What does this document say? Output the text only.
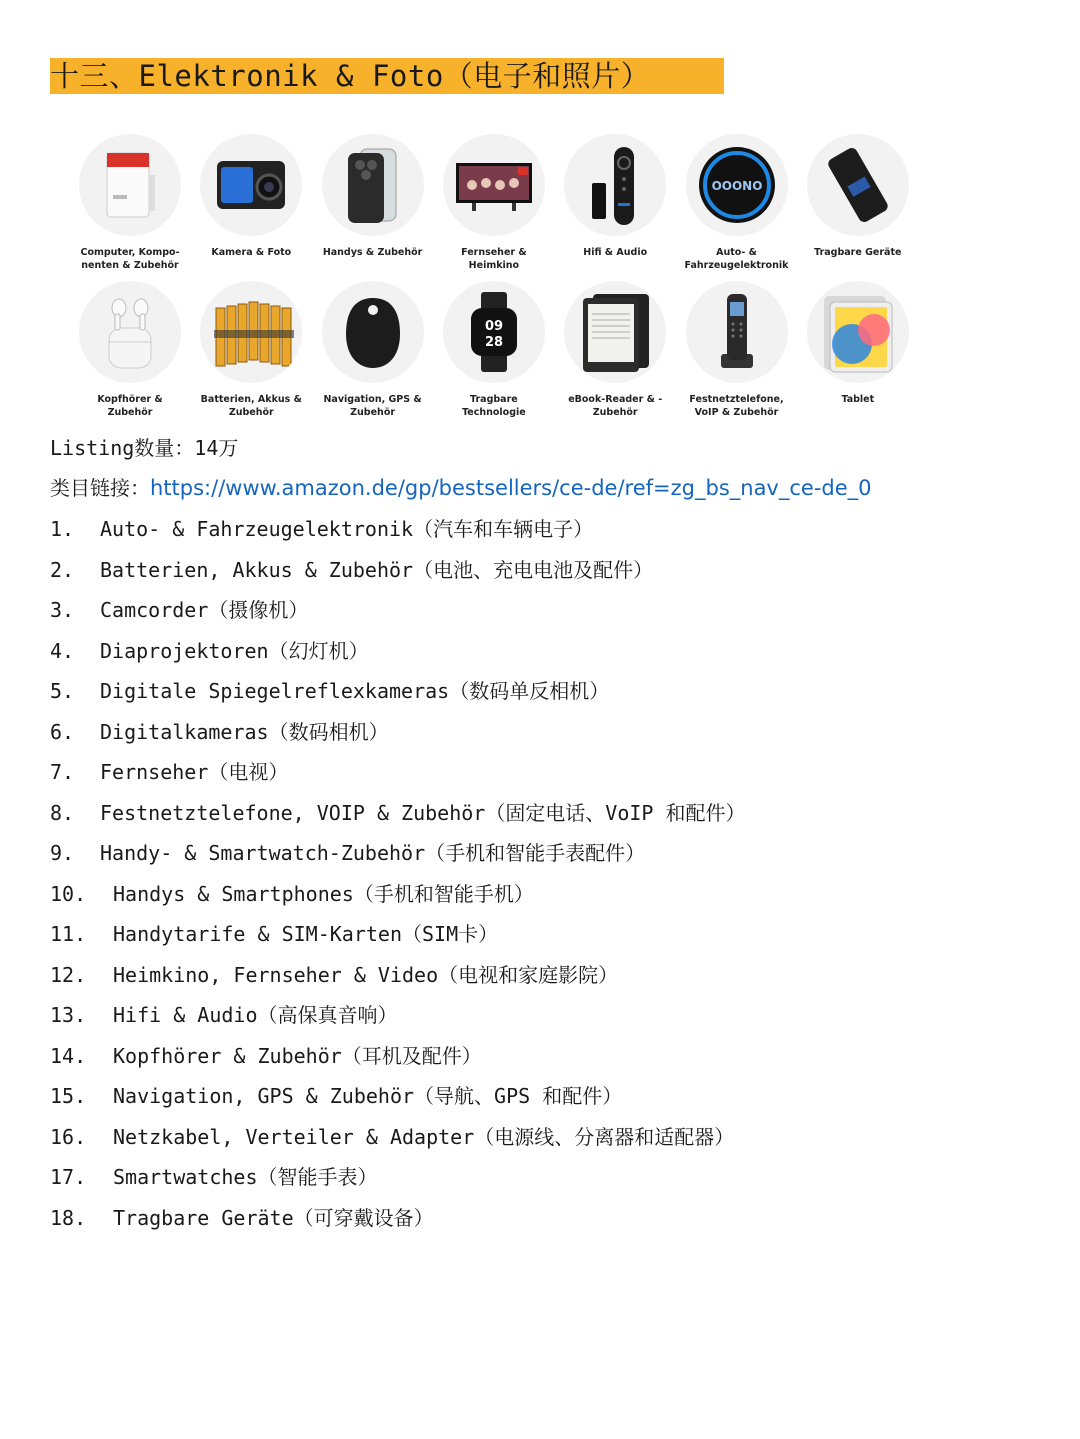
十三、Elektronik & Foto（电子和照片）
Computer, Kompo-
nenten & Zubehör
Kamera & Foto	Handys & Zubehör	Fernseher &
Heimkino
Hifi & Audio
OOONO
Auto- &
Fahrzeugelektronik
Tragbare Geräte
Kopfhörer &
Zubehör
Batterien, Akkus &
Zubehör
Navigation, GPS &
Zubehör
09
28
Tragbare
Technologie
eBook-Reader & -
Zubehör
Festnetztelefone,
VoIP & Zubehör
Tablet
Listing数量：14万
类目链接：https://www.amazon.de/gp/bestsellers/ce-de/ref=zg_bs_nav_ce-de_0
1. Auto- & Fahrzeugelektronik（汽车和车辆电子）
2. Batterien, Akkus & Zubehör（电池、充电电池及配件）
3. Camcorder（摄像机）
4. Diaprojektoren（幻灯机）
5. Digitale Spiegelreflexkameras（数码单反相机）
6. Digitalkameras（数码相机）
7. Fernseher（电视）
8. Festnetztelefone, VOIP & Zubehör（固定电话、VoIP 和配件）
9. Handy- & Smartwatch-Zubehör（手机和智能手表配件）
10. Handys & Smartphones（手机和智能手机）
11. Handytarife & SIM-Karten（SIM卡）
12. Heimkino, Fernseher & Video（电视和家庭影院）
13. Hifi & Audio（高保真音响）
14. Kopfhörer & Zubehör（耳机及配件）
15. Navigation, GPS & Zubehör（导航、GPS 和配件）
16. Netzkabel, Verteiler & Adapter（电源线、分离器和适配器）
17. Smartwatches（智能手表）
18. Tragbare Geräte（可穿戴设备）
